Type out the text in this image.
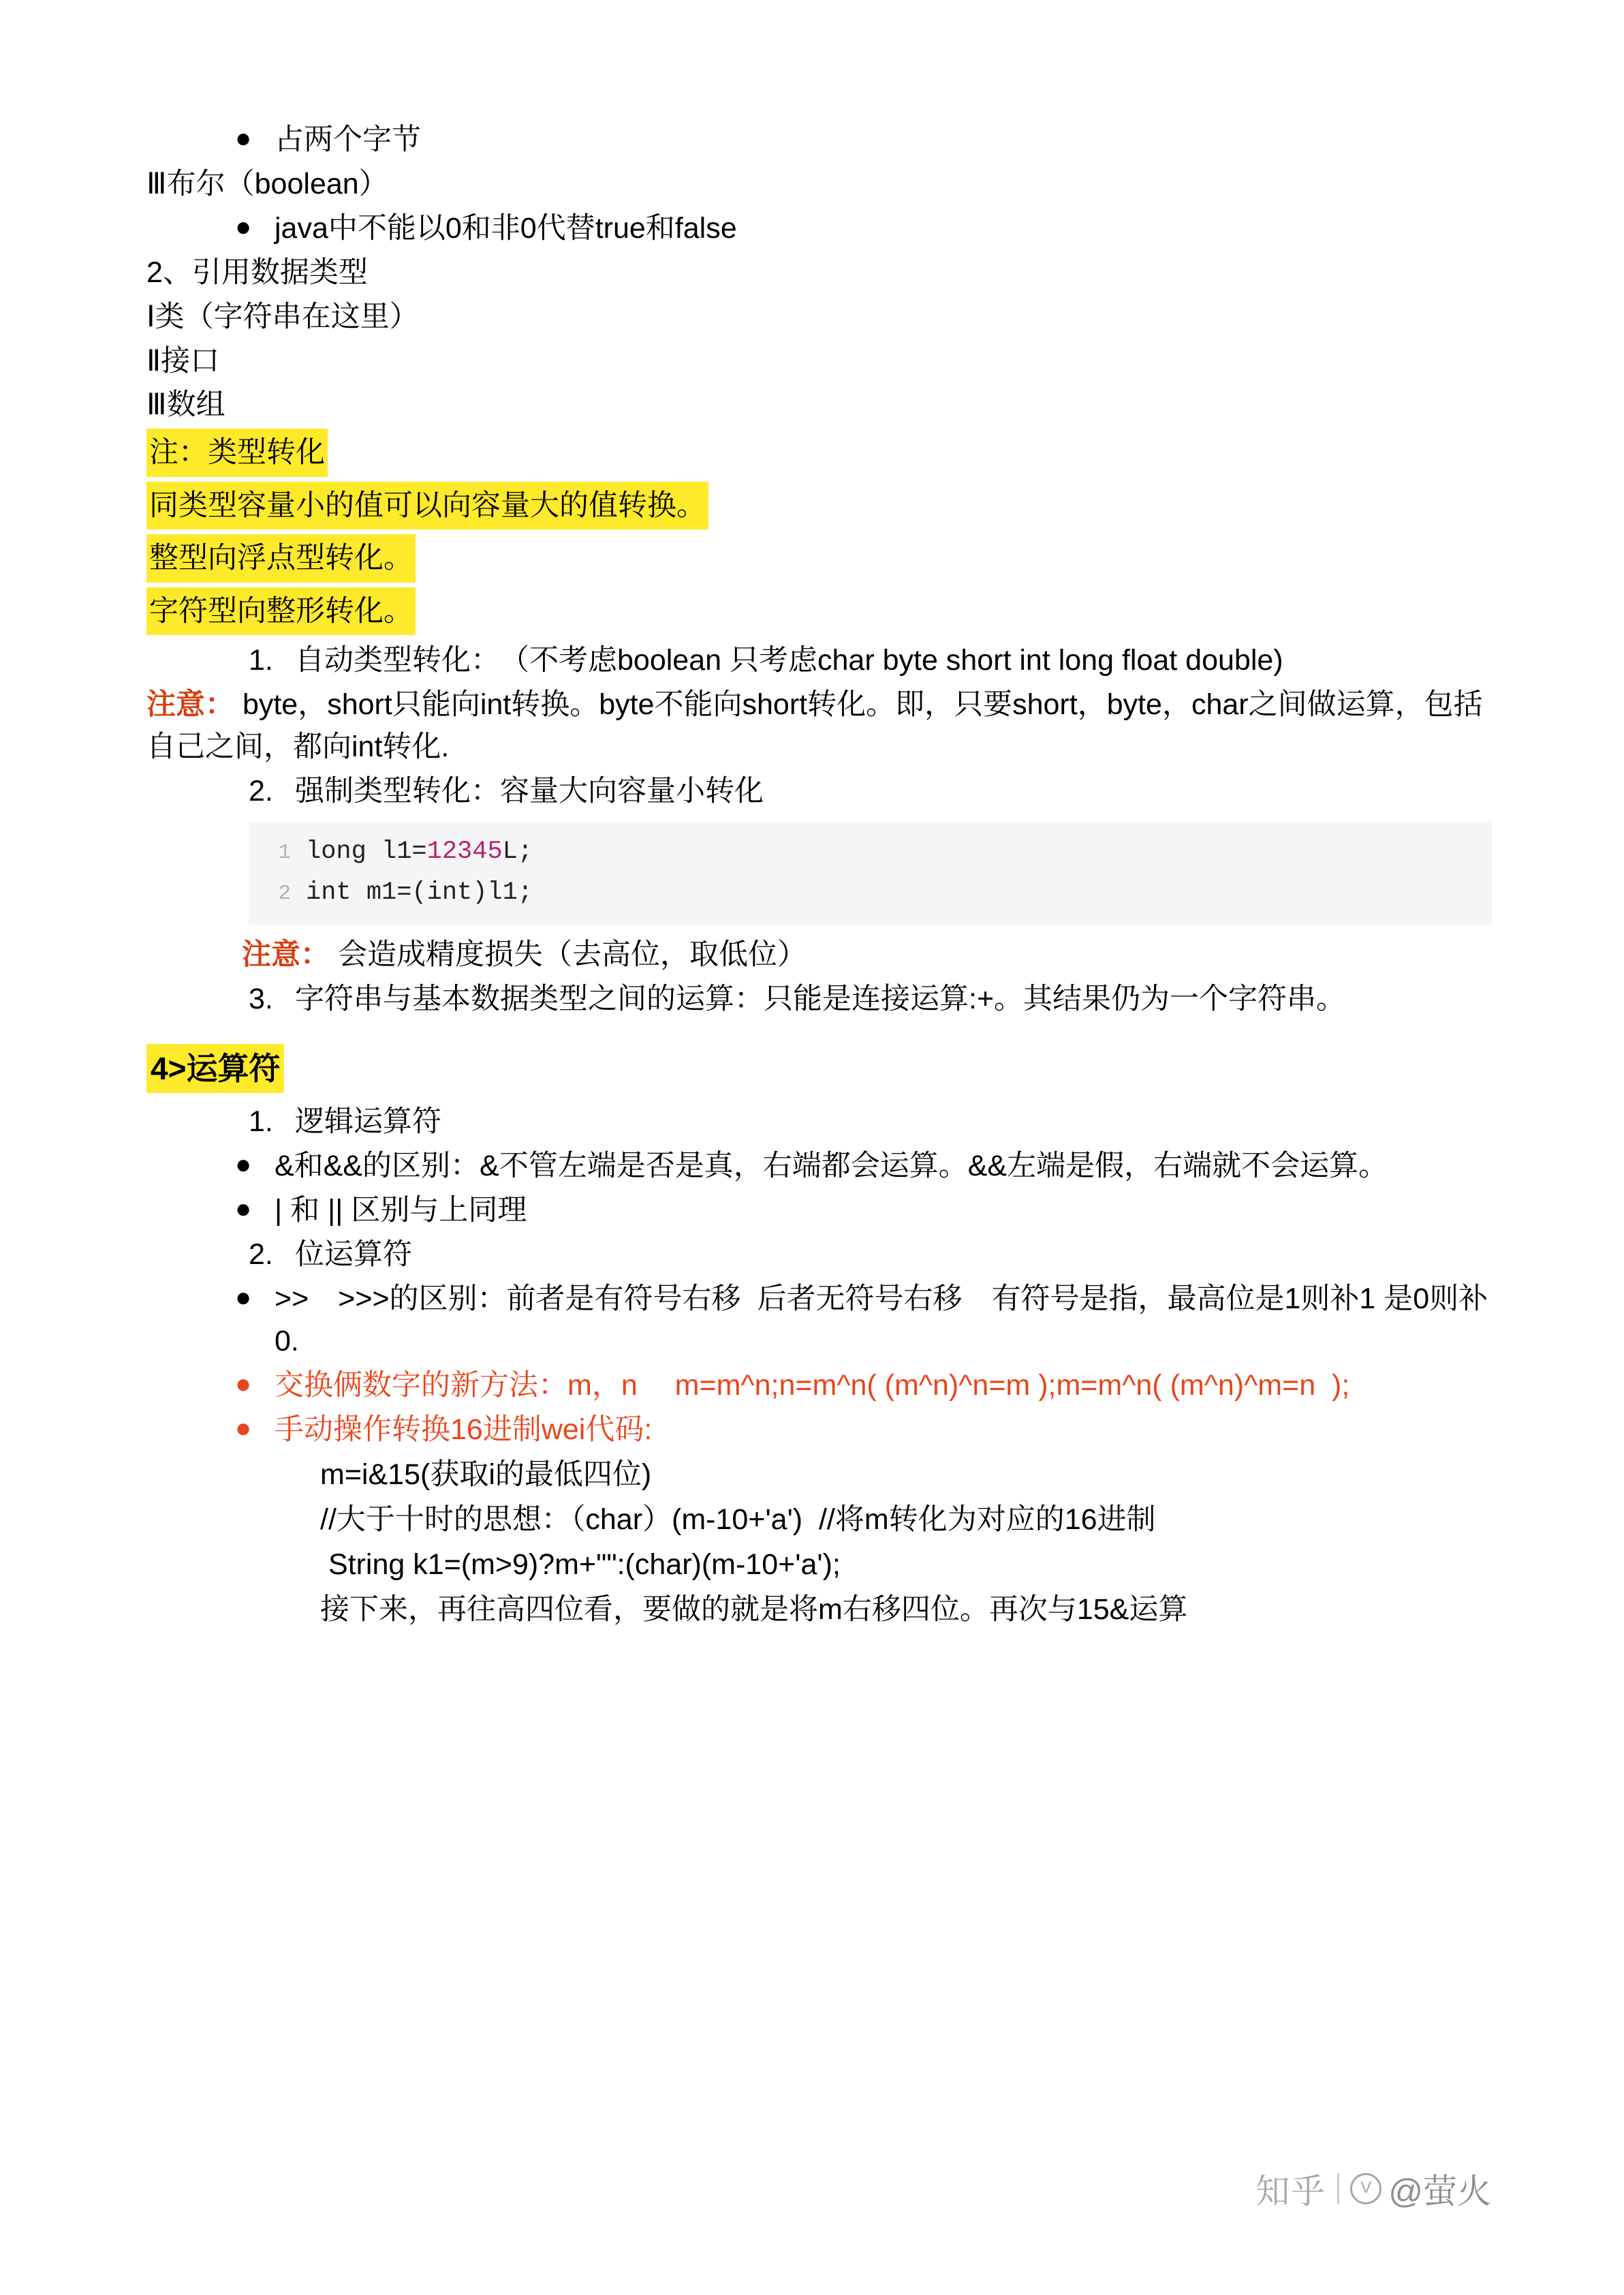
● 占两个字节
Ⅲ布尔（boolean）
● java中不能以0和非0代替true和false
2、引用数据类型
Ⅰ类（字符串在这里）
Ⅱ接口
Ⅲ数组
注：类型转化
同类型容量小的值可以向容量大的值转换。
整型向浮点型转化。
字符型向整形转化。
1. 自动类型转化：　（不考虑boolean 只考虑char byte short int long float double)
注意： byte，short只能向int转换。byte不能向short转化。即，只要short，byte，char之间做运算，包括自己之间，都向int转化.
2. 强制类型转化：容量大向容量小转化
1 long l1=12345L;
2 int m1=(int)l1;
注意： 会造成精度损失（去高位，取低位）
3. 字符串与基本数据类型之间的运算：只能是连接运算:+。其结果仍为一个字符串。
4>运算符
1. 逻辑运算符
● &和&&的区别：&不管左端是否是真，右端都会运算。&&左端是假，右端就不会运算。
● | 和 || 区别与上同理
2. 位运算符
● >>　>>>的区别：前者是有符号右移  后者无符号右移　有符号是指，最高位是1则补1 是0则补0.
● 交换俩数字的新方法：m，n　 m=m^n;n=m^n( (m^n)^n=m );m=m^n( (m^n)^m=n  );
● 手动操作转换16进制wei代码:
m=i&15(获取i的最低四位)
//大于十时的思想：（char）(m-10+'a')  //将m转化为对应的16进制
String k1=(m>9)?m+"":(char)(m-10+'a');
接下来，再往高四位看，要做的就是将m右移四位。再次与15&运算
知乎	V @萤火
